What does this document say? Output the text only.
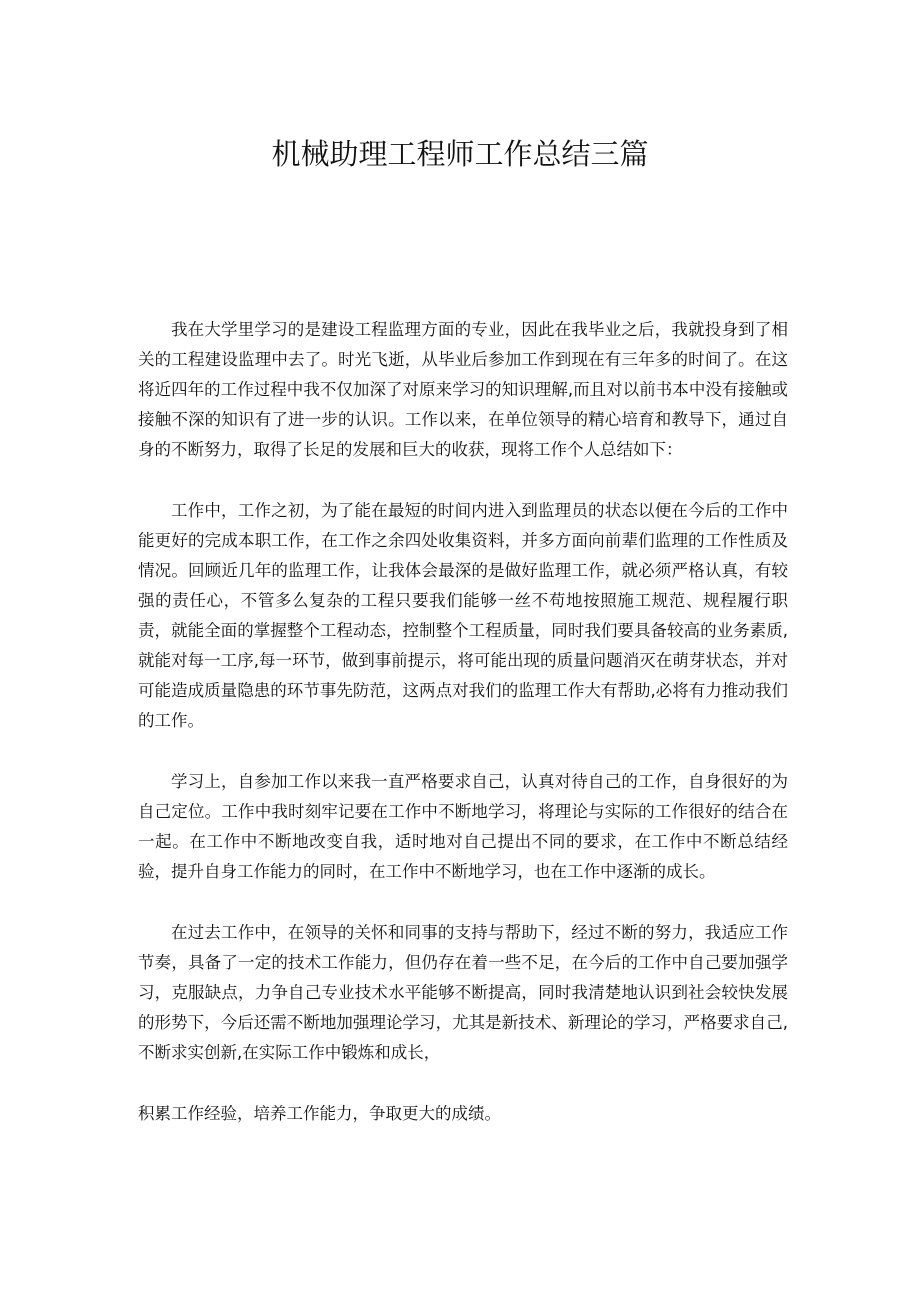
机械助理工程师工作总结三篇

我在大学里学习的是建设工程监理方面的专业，因此在我毕业之后，我就投身到了相关的工程建设监理中去了。时光飞逝，从毕业后参加工作到现在有三年多的时间了。在这将近四年的工作过程中我不仅加深了对原来学习的知识理解,而且对以前书本中没有接触或接触不深的知识有了进一步的认识。工作以来，在单位领导的精心培育和教导下，通过自身的不断努力，取得了长足的发展和巨大的收获，现将工作个人总结如下：

工作中，工作之初，为了能在最短的时间内进入到监理员的状态以便在今后的工作中能更好的完成本职工作，在工作之余四处收集资料，并多方面向前辈们监理的工作性质及情况。回顾近几年的监理工作，让我体会最深的是做好监理工作，就必须严格认真，有较强的责任心，不管多么复杂的工程只要我们能够一丝不苟地按照施工规范、规程履行职责，就能全面的掌握整个工程动态，控制整个工程质量，同时我们要具备较高的业务素质,就能对每一工序,每一环节，做到事前提示，将可能出现的质量问题消灭在萌芽状态，并对可能造成质量隐患的环节事先防范，这两点对我们的监理工作大有帮助,必将有力推动我们的工作。

学习上，自参加工作以来我一直严格要求自己，认真对待自己的工作，自身很好的为自己定位。工作中我时刻牢记要在工作中不断地学习，将理论与实际的工作很好的结合在一起。在工作中不断地改变自我，适时地对自己提出不同的要求，在工作中不断总结经验，提升自身工作能力的同时，在工作中不断地学习，也在工作中逐渐的成长。

在过去工作中，在领导的关怀和同事的支持与帮助下，经过不断的努力，我适应工作节奏，具备了一定的技术工作能力，但仍存在着一些不足，在今后的工作中自己要加强学习，克服缺点，力争自己专业技术水平能够不断提高，同时我清楚地认识到社会较快发展的形势下，今后还需不断地加强理论学习，尤其是新技术、新理论的学习，严格要求自己,不断求实创新,在实际工作中锻炼和成长，

积累工作经验，培养工作能力，争取更大的成绩。
